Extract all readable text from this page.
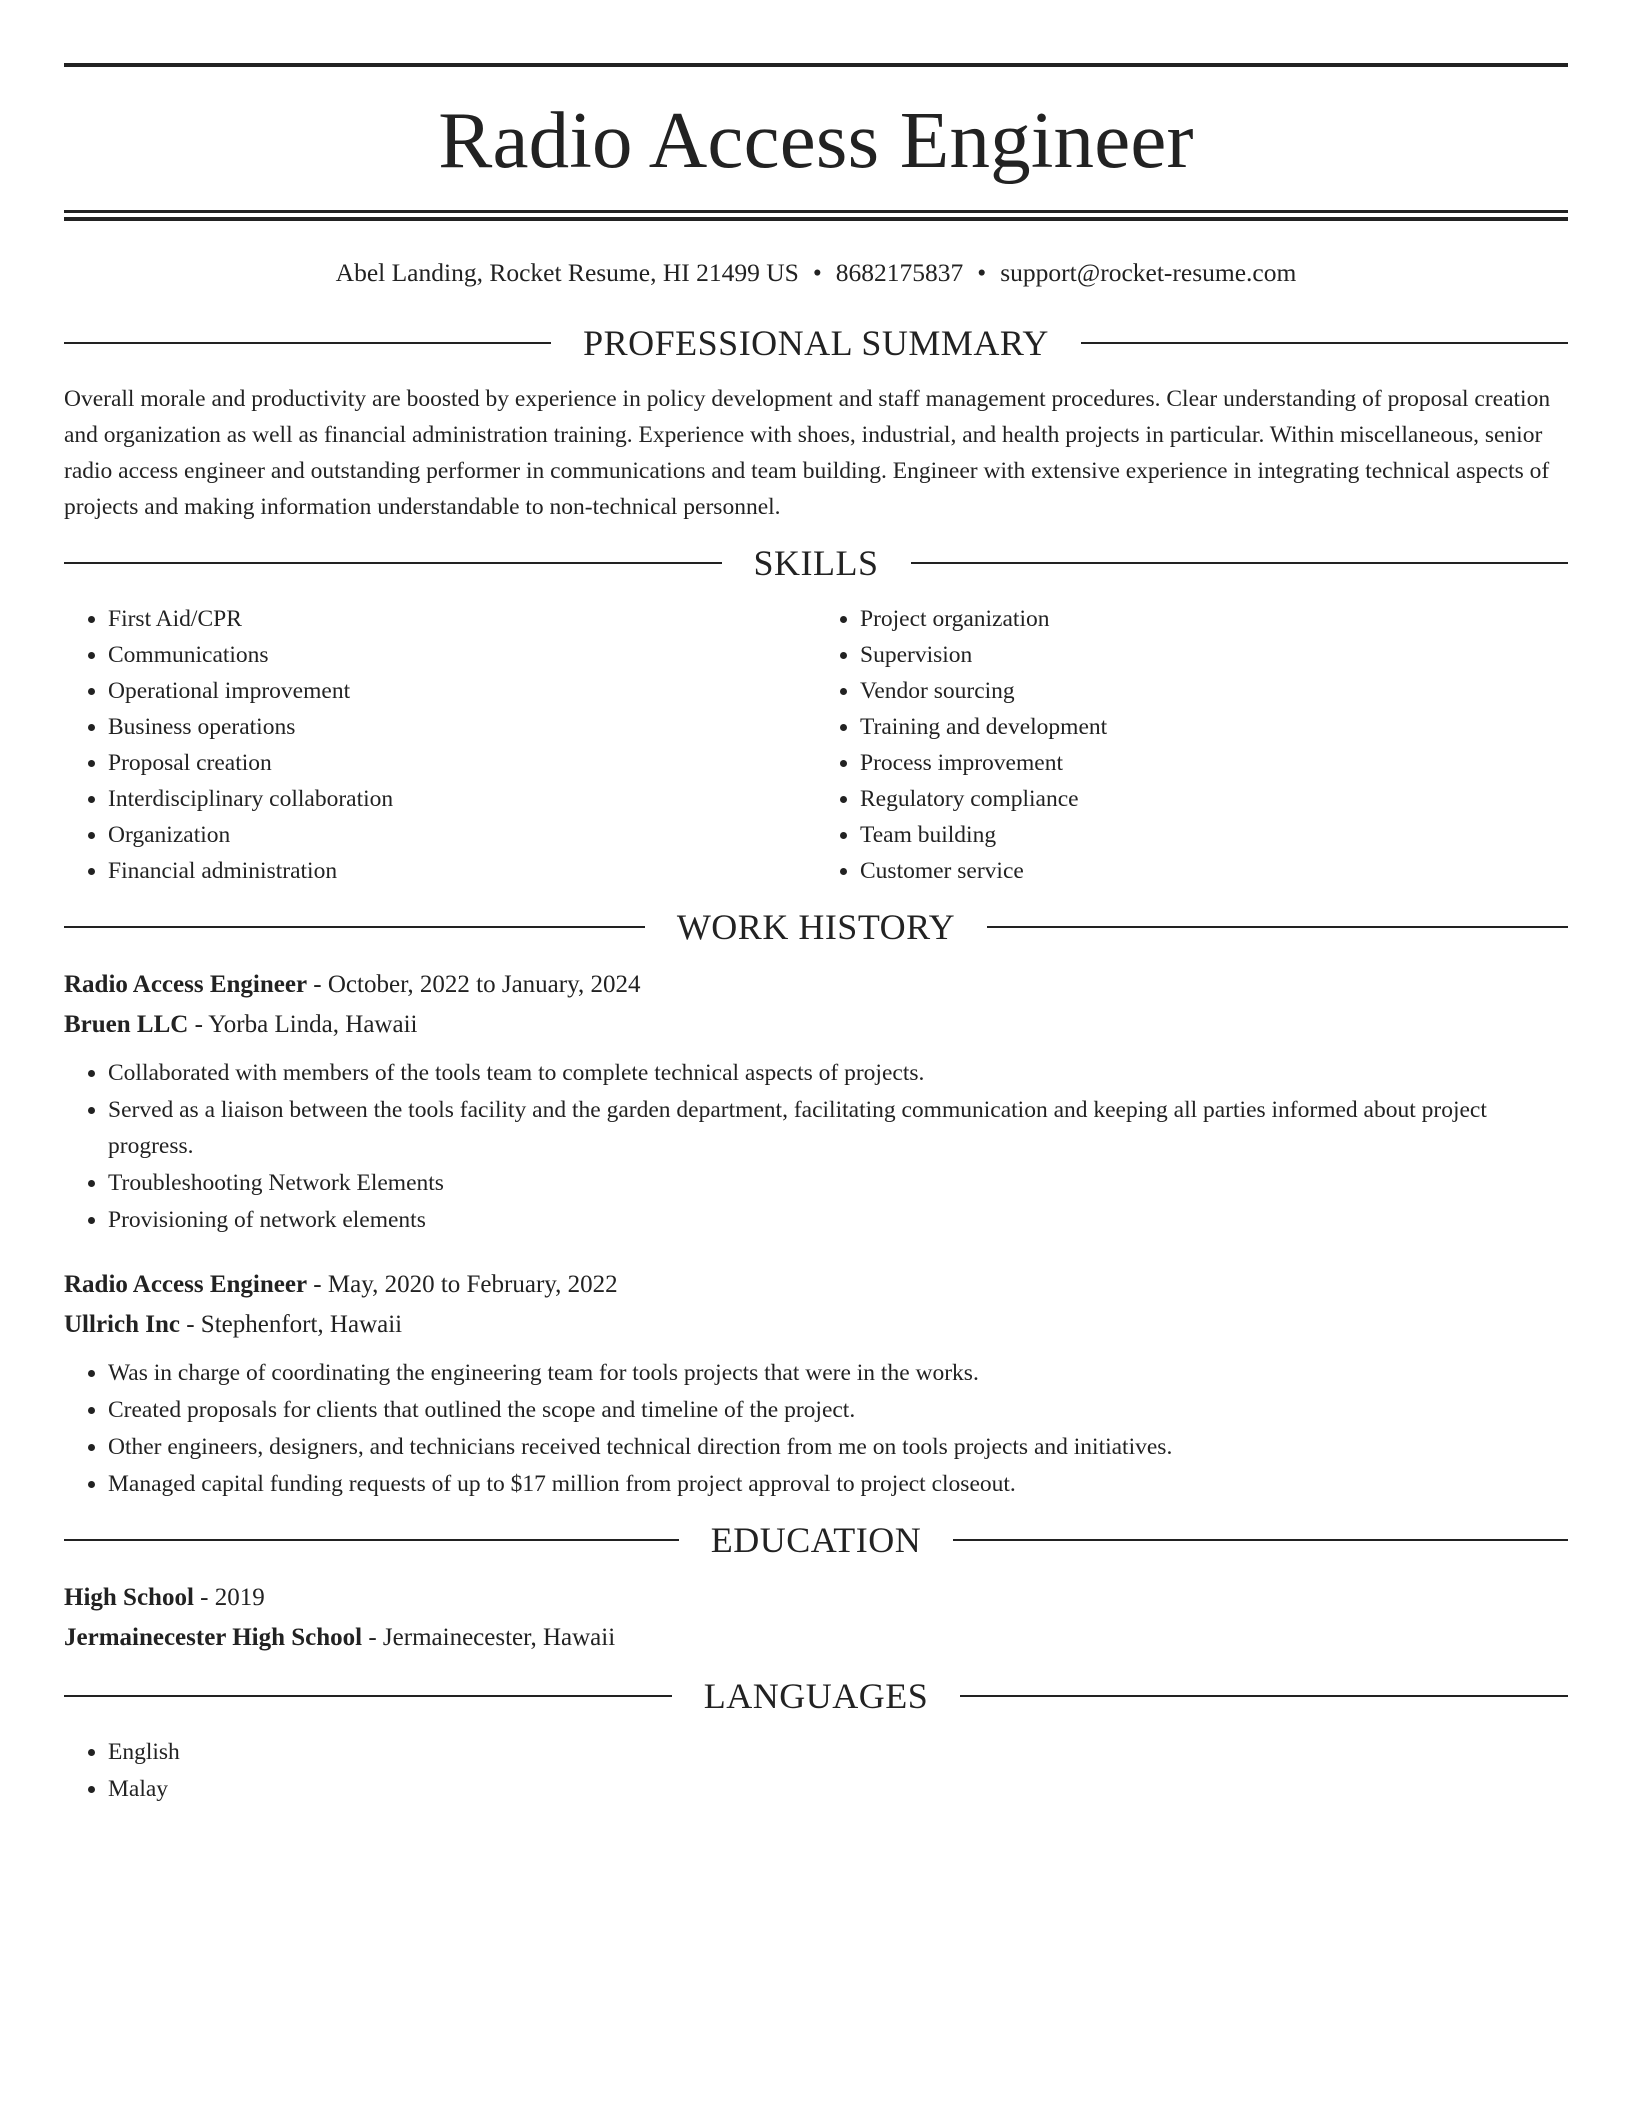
Radio Access Engineer
Abel Landing, Rocket Resume, HI 21499 US • 8682175837 • support@rocket-resume.com
PROFESSIONAL SUMMARY

Overall morale and productivity are boosted by experience in policy development and staff management procedures. Clear understanding of proposal creation and organization as well as financial administration training. Experience with shoes, industrial, and health projects in particular. Within miscellaneous, senior radio access engineer and outstanding performer in communications and team building. Engineer with extensive experience in integrating technical aspects of projects and making information understandable to non-technical personnel.

SKILLS
• First Aid/CPR
• Communications
• Operational improvement
• Business operations
• Proposal creation
• Interdisciplinary collaboration
• Organization
• Financial administration
• Project organization
• Supervision
• Vendor sourcing
• Training and development
• Process improvement
• Regulatory compliance
• Team building
• Customer service
WORK HISTORY
Radio Access Engineer - October, 2022 to January, 2024
Bruen LLC - Yorba Linda, Hawaii
• Collaborated with members of the tools team to complete technical aspects of projects.
• Served as a liaison between the tools facility and the garden department, facilitating communication and keeping all parties informed about project progress.
• Troubleshooting Network Elements
• Provisioning of network elements
Radio Access Engineer - May, 2020 to February, 2022
Ullrich Inc - Stephenfort, Hawaii
• Was in charge of coordinating the engineering team for tools projects that were in the works.
• Created proposals for clients that outlined the scope and timeline of the project.
• Other engineers, designers, and technicians received technical direction from me on tools projects and initiatives.
• Managed capital funding requests of up to $17 million from project approval to project closeout.
EDUCATION
High School - 2019
Jermainecester High School - Jermainecester, Hawaii
LANGUAGES
• English
• Malay
